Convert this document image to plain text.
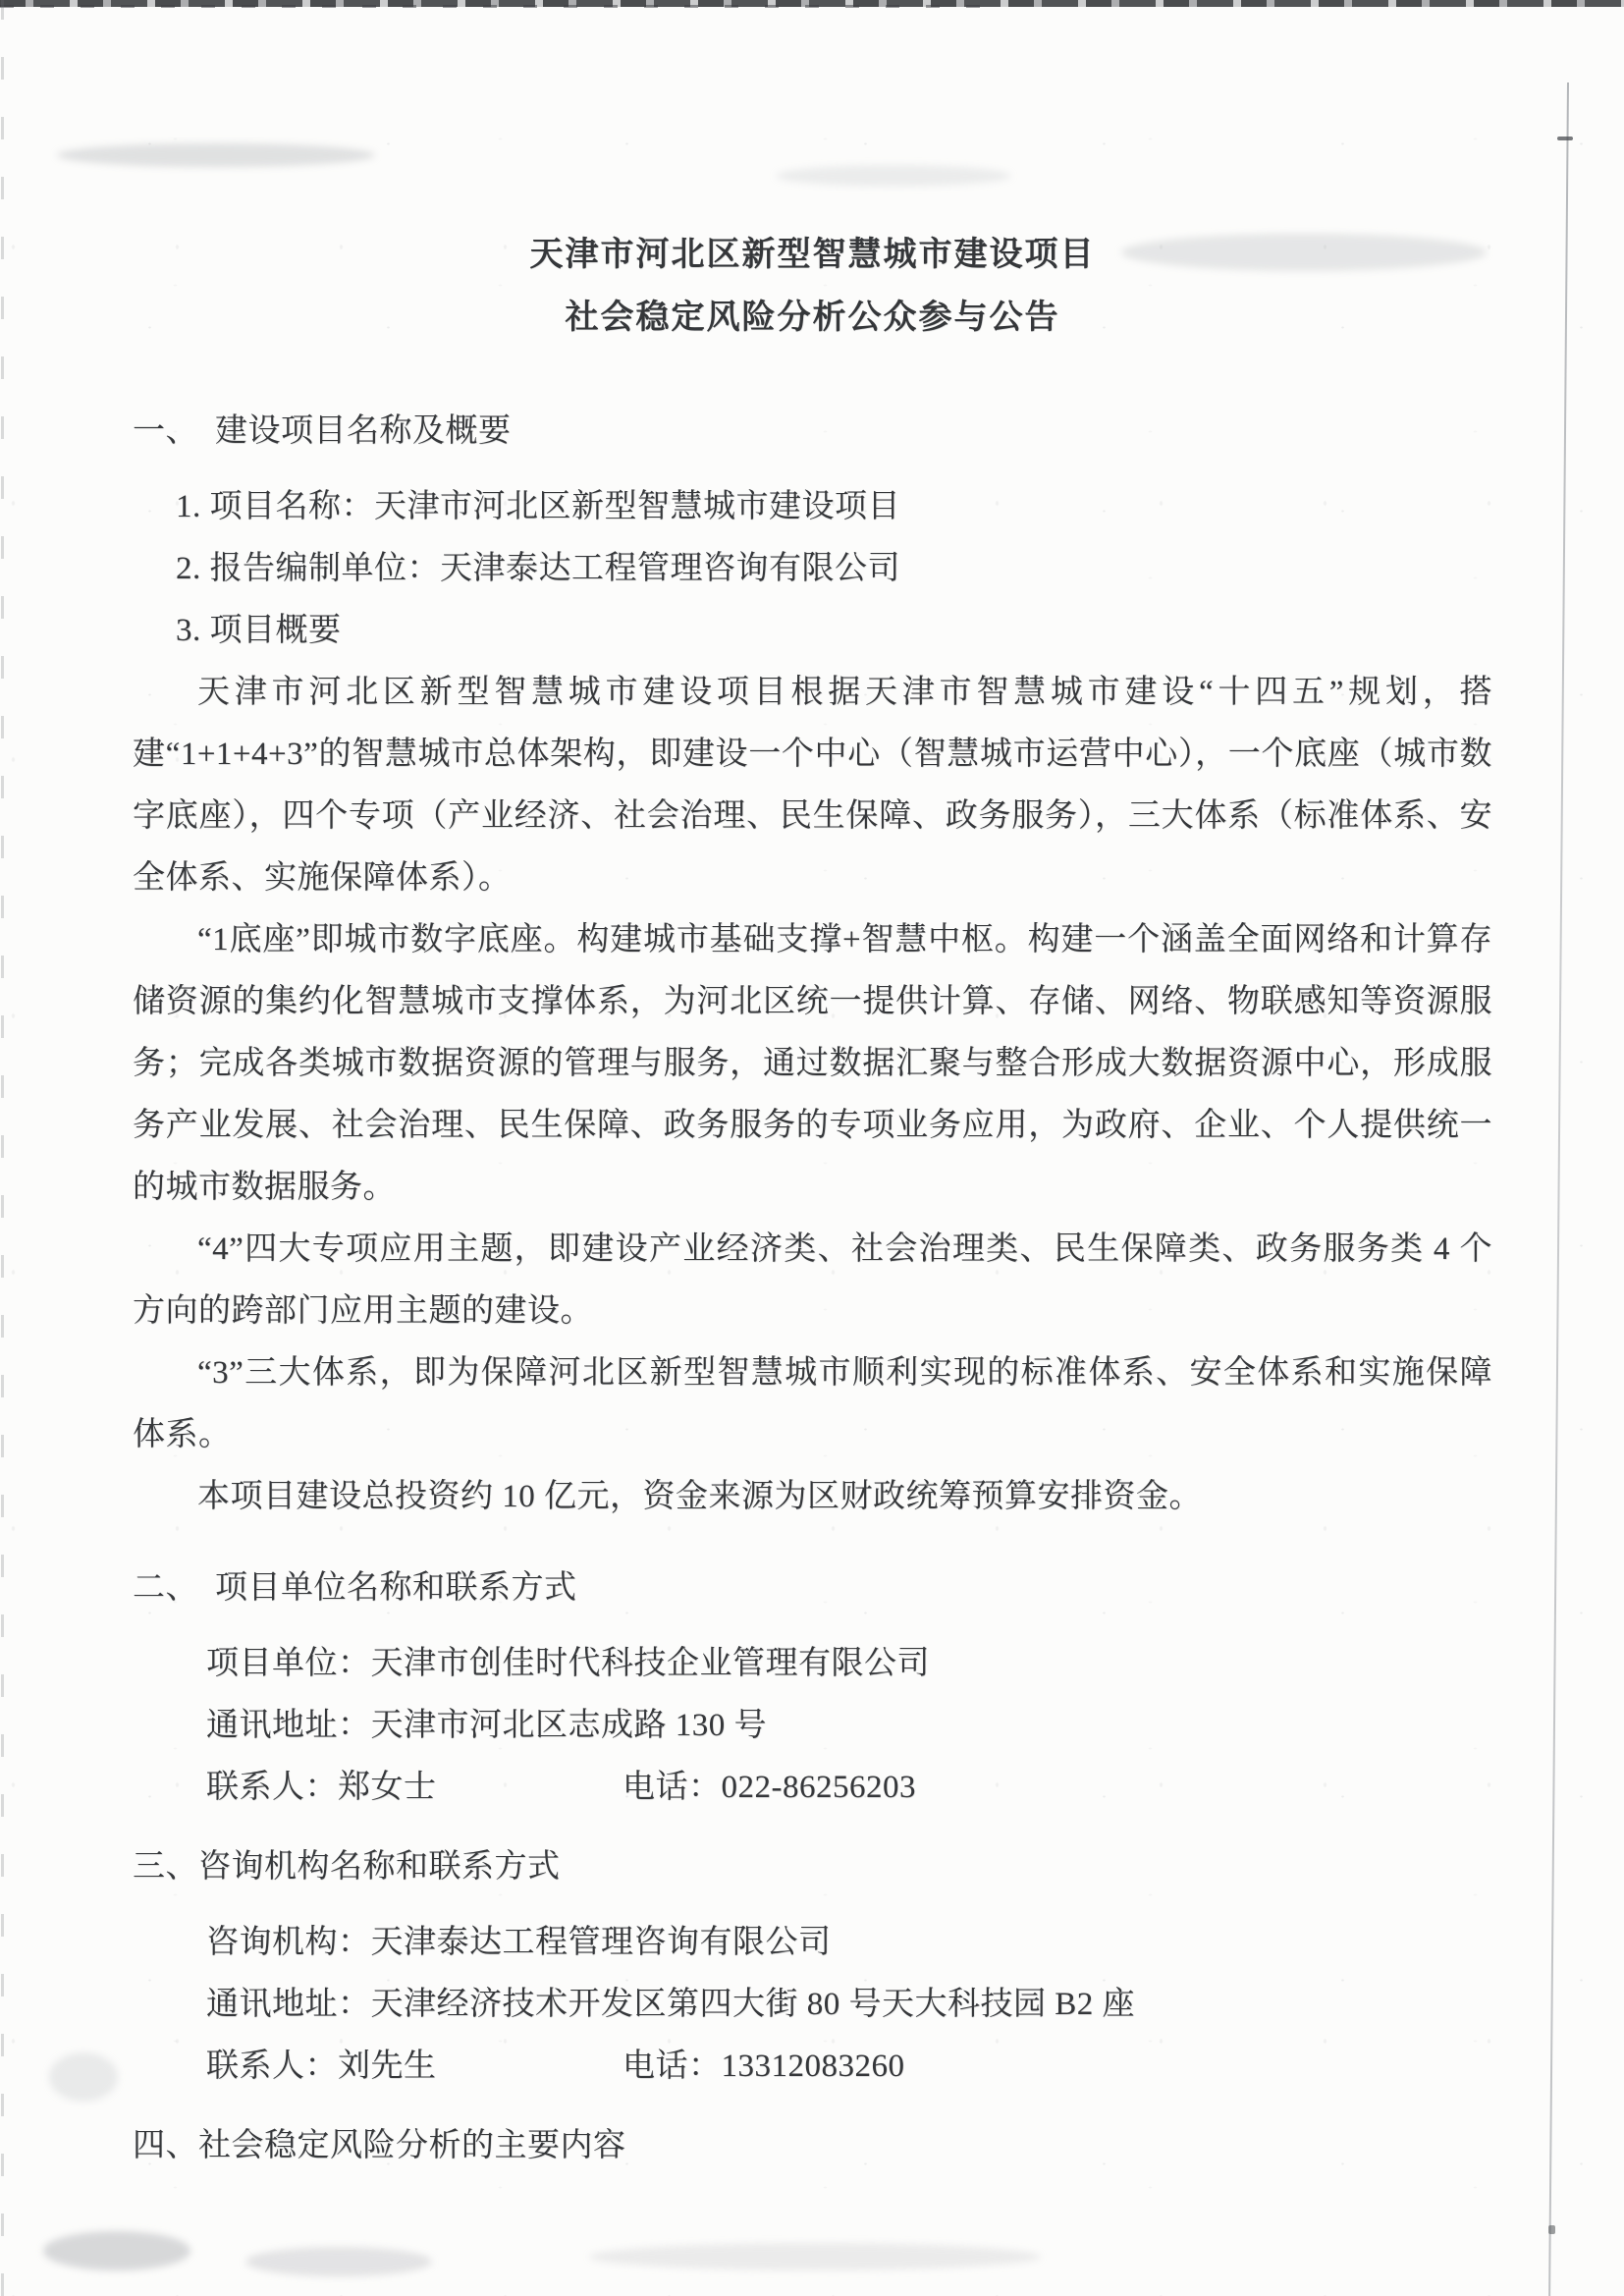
天津市河北区新型智慧城市建设项目
社会稳定风险分析公众参与公告
一、　建设项目名称及概要
1. 项目名称：天津市河北区新型智慧城市建设项目
2. 报告编制单位：天津泰达工程管理咨询有限公司
3. 项目概要

天津市河北区新型智慧城市建设项目根据天津市智慧城市建设“十四五”规划，搭建“1+1+4+3”的智慧城市总体架构，即建设一个中心（智慧城市运营中心），一个底座（城市数字底座），四个专项（产业经济、社会治理、民生保障、政务服务），三大体系（标准体系、安全体系、实施保障体系）。

“1底座”即城市数字底座。构建城市基础支撑+智慧中枢。构建一个涵盖全面网络和计算存储资源的集约化智慧城市支撑体系，为河北区统一提供计算、存储、网络、物联感知等资源服务；完成各类城市数据资源的管理与服务，通过数据汇聚与整合形成大数据资源中心，形成服务产业发展、社会治理、民生保障、政务服务的专项业务应用，为政府、企业、个人提供统一的城市数据服务。

“4”四大专项应用主题，即建设产业经济类、社会治理类、民生保障类、政务服务类 4 个方向的跨部门应用主题的建设。

“3”三大体系，即为保障河北区新型智慧城市顺利实现的标准体系、安全体系和实施保障体系。

本项目建设总投资约 10 亿元，资金来源为区财政统筹预算安排资金。

二、　项目单位名称和联系方式
项目单位： 天津市创佳时代科技企业管理有限公司
通讯地址： 天津市河北区志成路 130 号
联系人：郑女士	电话： 022-86256203
三、咨询机构名称和联系方式
咨询机构： 天津泰达工程管理咨询有限公司
通讯地址： 天津经济技术开发区第四大街 80 号天大科技园 B2 座
联系人：刘先生	电话： 13312083260
四、社会稳定风险分析的主要内容
